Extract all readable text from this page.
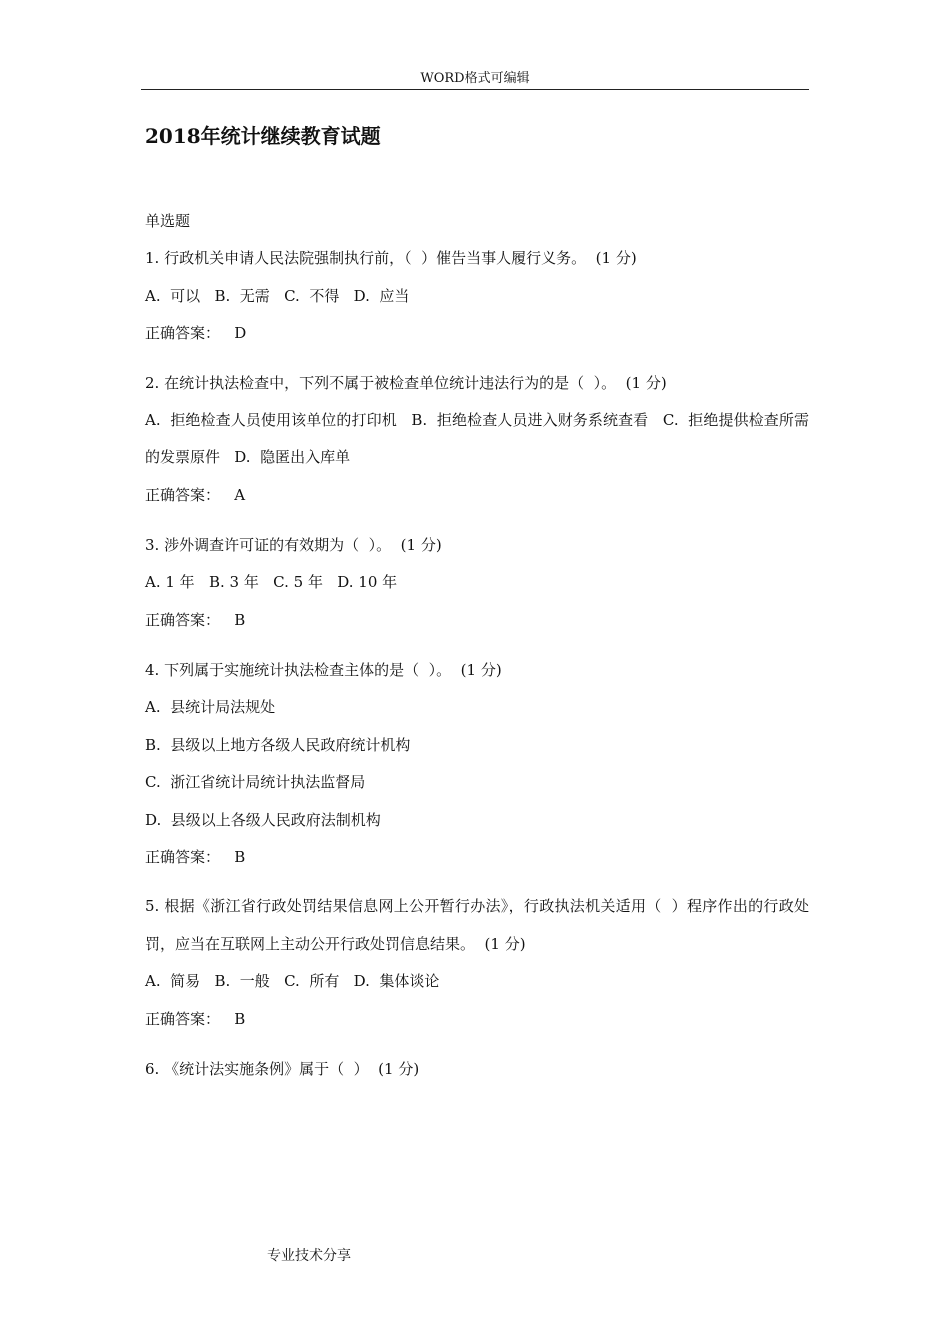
WORD格式可编辑
2018年统计继续教育试题
单选题
1. 行政机关申请人民法院强制执行前，（  ）催告当事人履行义务。  (1 分)
A.  可以   B.  无需   C.  不得   D.  应当
正确答案：   D
2. 在统计执法检查中，下列不属于被检查单位统计违法行为的是（  ）。  (1 分)
A.  拒绝检查人员使用该单位的打印机   B.  拒绝检查人员进入财务系统查看   C.  拒绝提供检查所需的发票原件   D.  隐匿出入库单
正确答案：   A
3. 涉外调查许可证的有效期为（  ）。  (1 分)
A. 1 年   B. 3 年   C. 5 年   D. 10 年
正确答案：   B
4. 下列属于实施统计执法检查主体的是（  ）。  (1 分)
A.  县统计局法规处
B.  县级以上地方各级人民政府统计机构
C.  浙江省统计局统计执法监督局
D.  县级以上各级人民政府法制机构
正确答案：   B
5. 根据《浙江省行政处罚结果信息网上公开暂行办法》，行政执法机关适用（  ）程序作出的行政处罚，应当在互联网上主动公开行政处罚信息结果。  (1 分)
A.  简易   B.  一般   C.  所有   D.  集体谈论
正确答案：   B
6. 《统计法实施条例》属于（  ）  (1 分)
专业技术分享
